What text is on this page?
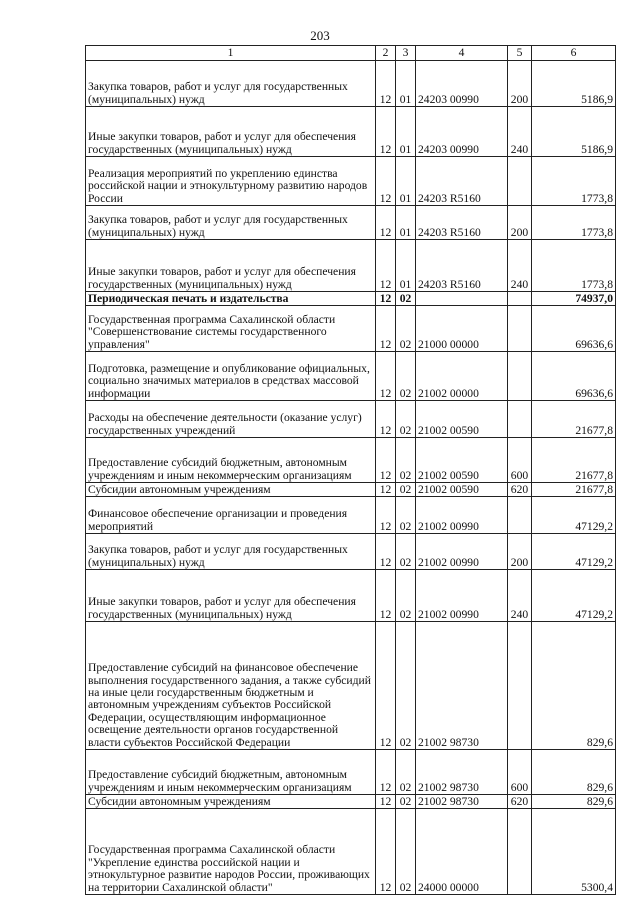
203
1	2	3	4	5	6
Закупка товаров, работ и услуг для государственных (муниципальных) нужд	12	01	24203 00990	200	5186,9
Иные закупки товаров, работ и услуг для обеспечения государственных (муниципальных) нужд	12	01	24203 00990	240	5186,9
Реализация мероприятий по укреплению единства российской нации и этнокультурному развитию народов России	12	01	24203 R5160		1773,8
Закупка товаров, работ и услуг для государственных (муниципальных) нужд	12	01	24203 R5160	200	1773,8
Иные закупки товаров, работ и услуг для обеспечения государственных (муниципальных) нужд	12	01	24203 R5160	240	1773,8
Периодическая печать и издательства	12	02			74937,0
Государственная программа Сахалинской области "Совершенствование системы государственного управления"	12	02	21000 00000		69636,6
Подготовка, размещение и опубликование официальных, социально значимых материалов в средствах массовой информации	12	02	21002 00000		69636,6
Расходы на обеспечение деятельности (оказание услуг) государственных учреждений	12	02	21002 00590		21677,8
Предоставление субсидий бюджетным, автономным учреждениям и иным некоммерческим организациям	12	02	21002 00590	600	21677,8
Субсидии автономным учреждениям	12	02	21002 00590	620	21677,8
Финансовое обеспечение организации и проведения мероприятий	12	02	21002 00990		47129,2
Закупка товаров, работ и услуг для государственных (муниципальных) нужд	12	02	21002 00990	200	47129,2
Иные закупки товаров, работ и услуг для обеспечения государственных (муниципальных) нужд	12	02	21002 00990	240	47129,2
Предоставление субсидий на финансовое обеспечение выполнения государственного задания, а также субсидий на иные цели государственным бюджетным и автономным учреждениям субъектов Российской Федерации, осуществляющим информационное освещение деятельности органов государственной власти субъектов Российской Федерации	12	02	21002 98730		829,6
Предоставление субсидий бюджетным, автономным учреждениям и иным некоммерческим организациям	12	02	21002 98730	600	829,6
Субсидии автономным учреждениям	12	02	21002 98730	620	829,6
Государственная программа Сахалинской области "Укрепление единства российской нации и этнокультурное развитие народов России, проживающих на территории Сахалинской области"	12	02	24000 00000		5300,4
